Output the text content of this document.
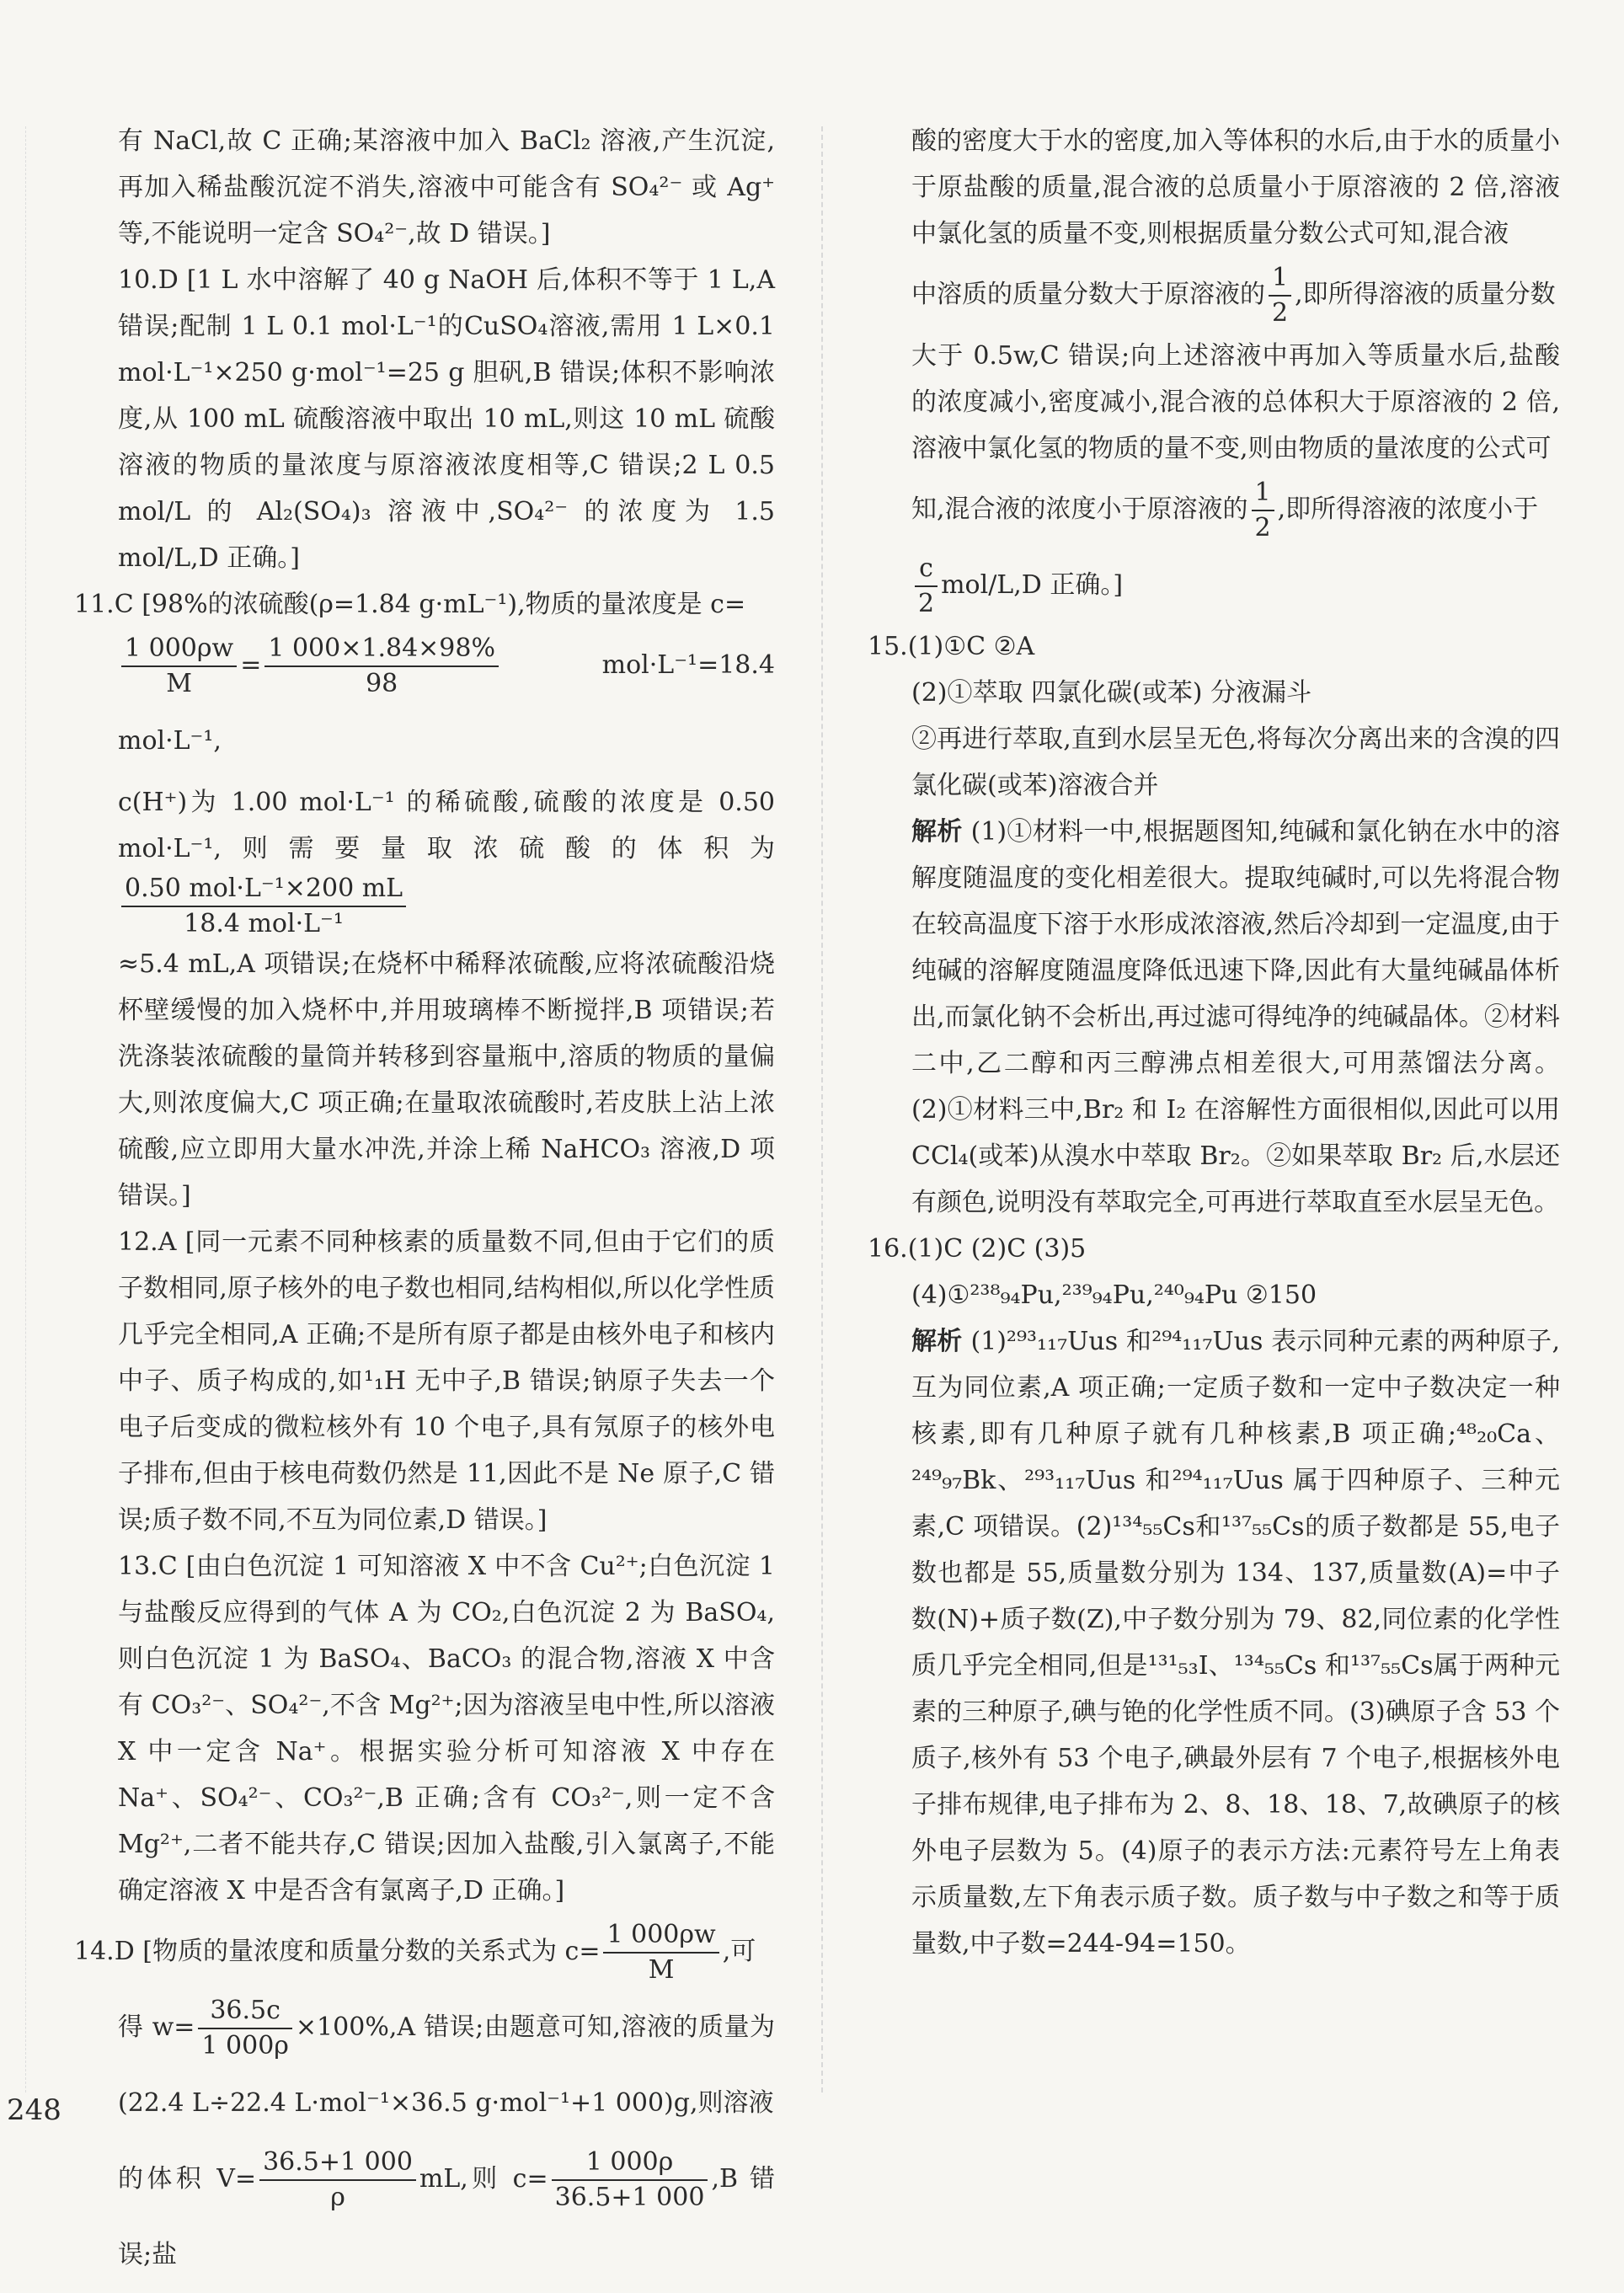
有 NaCl,故 C 正确;某溶液中加入 BaCl₂ 溶液,产生沉淀,再加入稀盐酸沉淀不消失,溶液中可能含有 SO₄²⁻ 或 Ag⁺ 等,不能说明一定含 SO₄²⁻,故 D 错误。]

10.D [1 L 水中溶解了 40 g NaOH 后,体积不等于 1 L,A 错误;配制 1 L 0.1 mol·L⁻¹的CuSO₄溶液,需用 1 L×0.1 mol·L⁻¹×250 g·mol⁻¹=25 g 胆矾,B 错误;体积不影响浓度,从 100 mL 硫酸溶液中取出 10 mL,则这 10 mL 硫酸溶液的物质的量浓度与原溶液浓度相等,C 错误;2 L 0.5 mol/L 的 Al₂(SO₄)₃ 溶液中,SO₄²⁻ 的浓度为 1.5 mol/L,D 正确。]

11.C [98%的浓硫酸(ρ=1.84 g·mL⁻¹),物质的量浓度是 c=

$\frac{1 000\rho w}{M} = \frac{1 000\times 1.84\times 98\%}{98}$	mol·L⁻¹=18.4 mol·L⁻¹,

c(H⁺)为 1.00 mol·L⁻¹ 的稀硫酸,硫酸的浓度是 0.50 mol·L⁻¹,则需要量取浓硫酸的体积为
$\frac{\text{0.50 mol·L⁻¹×200 mL}}{\text{18.4 mol·L⁻¹}}$

≈5.4 mL,A 项错误;在烧杯中稀释浓硫酸,应将浓硫酸沿烧杯壁缓慢的加入烧杯中,并用玻璃棒不断搅拌,B 项错误;若洗涤装浓硫酸的量筒并转移到容量瓶中,溶质的物质的量偏大,则浓度偏大,C 项正确;在量取浓硫酸时,若皮肤上沾上浓硫酸,应立即用大量水冲洗,并涂上稀 NaHCO₃ 溶液,D 项错误。]

12.A [同一元素不同种核素的质量数不同,但由于它们的质子数相同,原子核外的电子数也相同,结构相似,所以化学性质几乎完全相同,A 正确;不是所有原子都是由核外电子和核内中子、质子构成的,如¹₁H 无中子,B 错误;钠原子失去一个电子后变成的微粒核外有 10 个电子,具有氖原子的核外电子排布,但由于核电荷数仍然是 11,因此不是 Ne 原子,C 错误;质子数不同,不互为同位素,D 错误。]

13.C [由白色沉淀 1 可知溶液 X 中不含 Cu²⁺;白色沉淀 1 与盐酸反应得到的气体 A 为 CO₂,白色沉淀 2 为 BaSO₄,则白色沉淀 1 为 BaSO₄、BaCO₃ 的混合物,溶液 X 中含有 CO₃²⁻、SO₄²⁻,不含 Mg²⁺;因为溶液呈电中性,所以溶液 X 中一定含 Na⁺。根据实验分析可知溶液 X 中存在 Na⁺、SO₄²⁻、CO₃²⁻,B 正确;含有 CO₃²⁻,则一定不含 Mg²⁺,二者不能共存,C 错误;因加入盐酸,引入氯离子,不能确定溶液 X 中是否含有氯离子,D 正确。]

14.D [物质的量浓度和质量分数的关系式为 $c= \frac{1 000\rho w}{M}$ ,可

得 $w= \frac{36.5c}{1 000\rho} \times 100\%,A$ 错误;由题意可知,溶液的质量为(22.4 L÷22.4 L·mol⁻¹×36.5 g·mol⁻¹+1 000)g,则溶液

的体积 $V= \frac{36.5+1 000}{\rho}$ mL,则 $c= \frac{1 000\rho}{36.5+1 000} ,B$ 错误;盐

酸的密度大于水的密度,加入等体积的水后,由于水的质量小于原盐酸的质量,混合液的总质量小于原溶液的 2 倍,溶液中氯化氢的质量不变,则根据质量分数公式可知,混合液

中溶质的质量分数大于原溶液的 $\frac{1}{2}$ ,即所得溶液的质量分数

大于 0.5w,C 错误;向上述溶液中再加入等质量水后,盐酸的浓度减小,密度减小,混合液的总体积大于原溶液的 2 倍,溶液中氯化氢的物质的量不变,则由物质的量浓度的公式可

知,混合液的浓度小于原溶液的 $\frac{1}{2}$ ,即所得溶液的浓度小于

$\frac{c}{2} mol/L,D$ 正确。]

15.(1)①C ②A

(2)①萃取 四氯化碳(或苯) 分液漏斗

②再进行萃取,直到水层呈无色,将每次分离出来的含溴的四氯化碳(或苯)溶液合并

解析 (1)①材料一中,根据题图知,纯碱和氯化钠在水中的溶解度随温度的变化相差很大。提取纯碱时,可以先将混合物在较高温度下溶于水形成浓溶液,然后冷却到一定温度,由于纯碱的溶解度随温度降低迅速下降,因此有大量纯碱晶体析出,而氯化钠不会析出,再过滤可得纯净的纯碱晶体。②材料二中,乙二醇和丙三醇沸点相差很大,可用蒸馏法分离。(2)①材料三中,Br₂ 和 I₂ 在溶解性方面很相似,因此可以用 CCl₄(或苯)从溴水中萃取 Br₂。②如果萃取 Br₂ 后,水层还有颜色,说明没有萃取完全,可再进行萃取直至水层呈无色。

16.(1)C (2)C (3)5

(4)①²³⁸₉₄Pu,²³⁹₉₄Pu,²⁴⁰₉₄Pu ②150

解析 (1)²⁹³₁₁₇Uus 和²⁹⁴₁₁₇Uus 表示同种元素的两种原子,互为同位素,A 项正确;一定质子数和一定中子数决定一种核素,即有几种原子就有几种核素,B 项正确;⁴⁸₂₀Ca、²⁴⁹₉₇Bk、²⁹³₁₁₇Uus 和²⁹⁴₁₁₇Uus 属于四种原子、三种元素,C 项错误。(2)¹³⁴₅₅Cs和¹³⁷₅₅Cs的质子数都是 55,电子数也都是 55,质量数分别为 134、137,质量数(A)=中子数(N)+质子数(Z),中子数分别为 79、82,同位素的化学性质几乎完全相同,但是¹³¹₅₃I、¹³⁴₅₅Cs 和¹³⁷₅₅Cs属于两种元素的三种原子,碘与铯的化学性质不同。(3)碘原子含 53 个质子,核外有 53 个电子,碘最外层有 7 个电子,根据核外电子排布规律,电子排布为 2、8、18、18、7,故碘原子的核外电子层数为 5。(4)原子的表示方法:元素符号左上角表示质量数,左下角表示质子数。质子数与中子数之和等于质量数,中子数=244-94=150。

248
